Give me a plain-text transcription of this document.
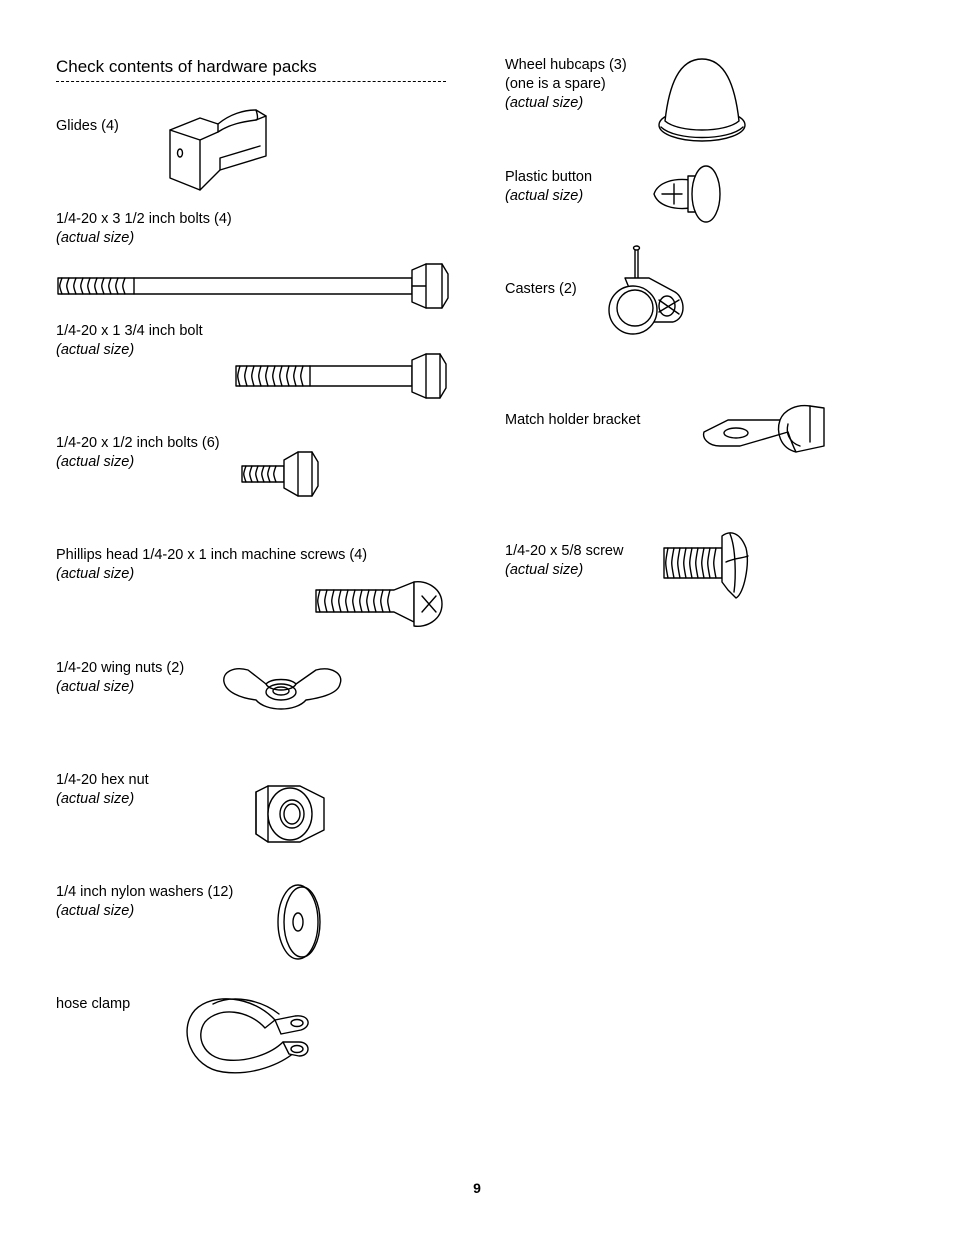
Check contents of hardware packs
Glides (4)
1/4-20 x 3 1/2 inch bolts (4)
(actual size)
1/4-20 x 1 3/4 inch bolt
(actual size)
1/4-20 x 1/2 inch bolts (6)
(actual size)
Phillips head 1/4-20 x 1 inch machine screws (4)
(actual size)
1/4-20 wing nuts (2)
(actual size)
1/4-20 hex nut
(actual size)
1/4 inch nylon washers (12)
(actual size)
hose clamp
Wheel hubcaps (3)
(one is a spare)
(actual size)
Plastic button
(actual size)
Casters (2)
Match holder bracket
1/4-20 x 5/8 screw
(actual size)
9
